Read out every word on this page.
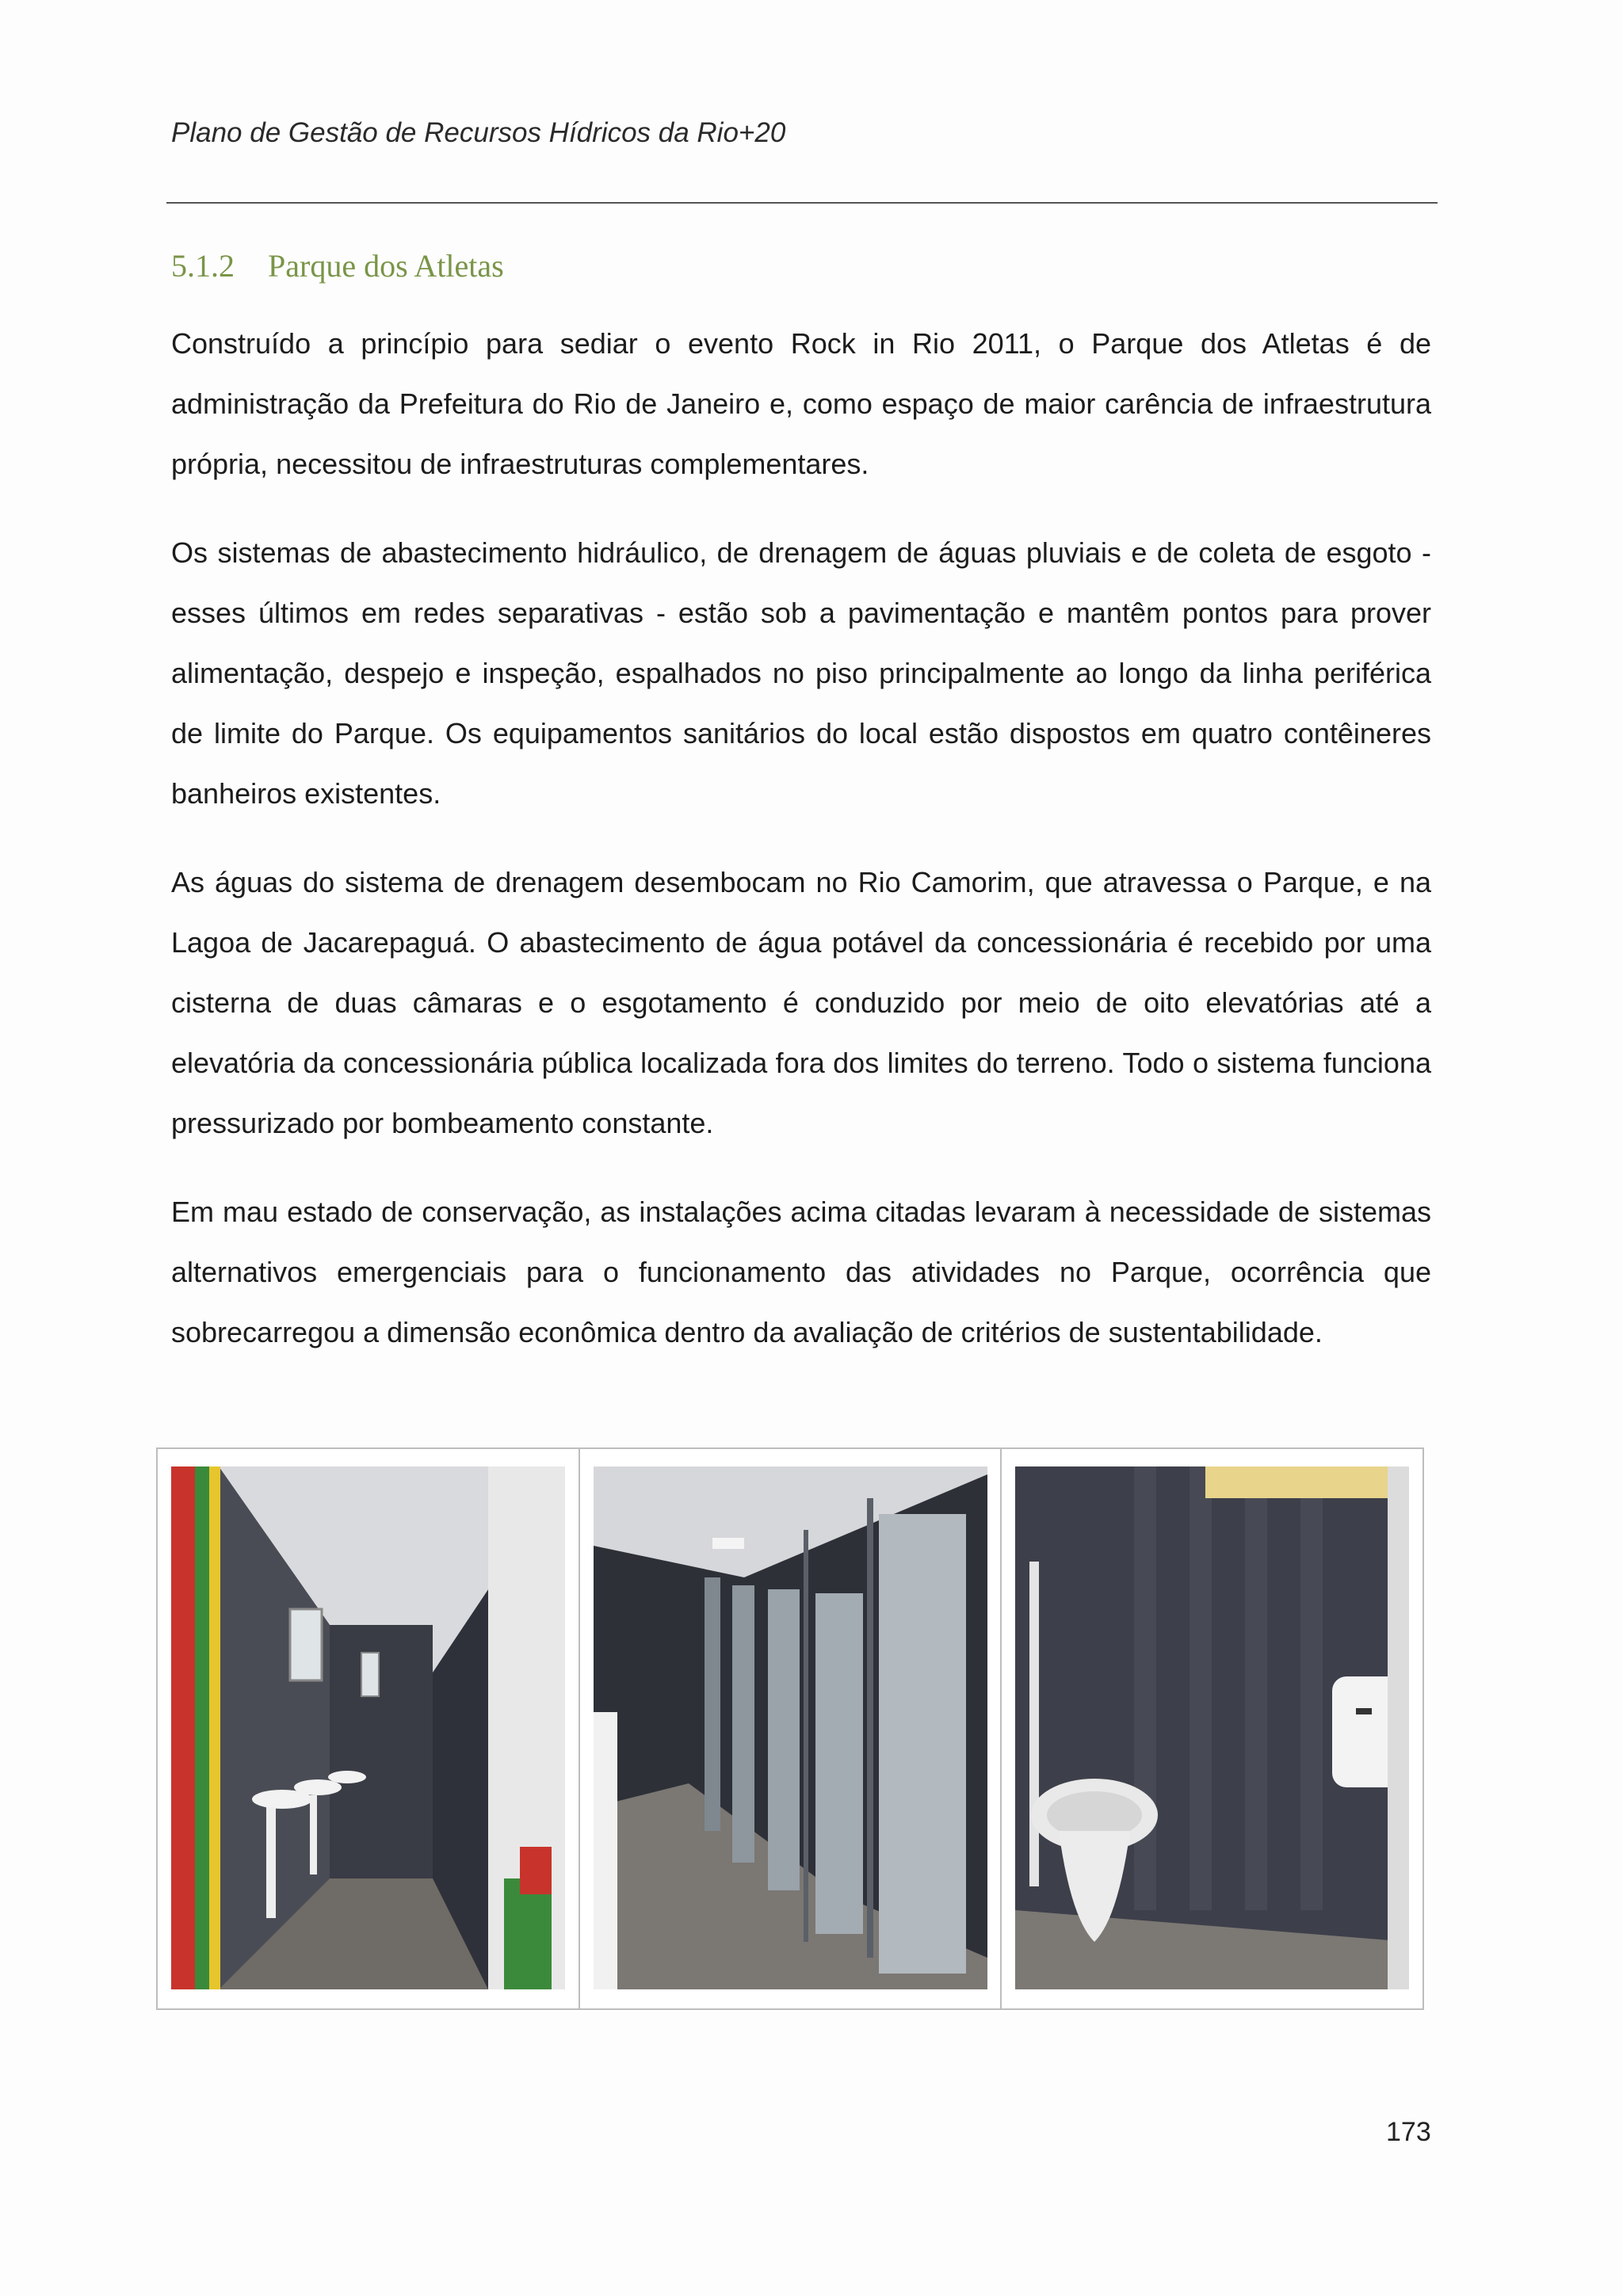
Plano de Gestão de Recursos Hídricos da Rio+20
5.1.2 Parque dos Atletas

Construído a princípio para sediar o evento Rock in Rio 2011, o Parque dos Atletas é de administração da Prefeitura do Rio de Janeiro e, como espaço de maior carência de infraestrutura própria, necessitou de infraestruturas complementares.

Os sistemas de abastecimento hidráulico, de drenagem de águas pluviais e de coleta de esgoto - esses últimos em redes separativas - estão sob a pavimentação e mantêm pontos para prover alimentação, despejo e inspeção, espalhados no piso principalmente ao longo da linha periférica de limite do Parque. Os equipamentos sanitários do local estão dispostos em quatro contêineres banheiros existentes.

As águas do sistema de drenagem desembocam no Rio Camorim, que atravessa o Parque, e na Lagoa de Jacarepaguá. O abastecimento de água potável da concessionária é recebido por uma cisterna de duas câmaras e o esgotamento é conduzido por meio de oito elevatórias até a elevatória da concessionária pública localizada fora dos limites do terreno. Todo o sistema funciona pressurizado por bombeamento constante.

Em mau estado de conservação, as instalações acima citadas levaram à necessidade de sistemas alternativos emergenciais para o funcionamento das atividades no Parque, ocorrência que sobrecarregou a dimensão econômica dentro da avaliação de critérios de sustentabilidade.

173
